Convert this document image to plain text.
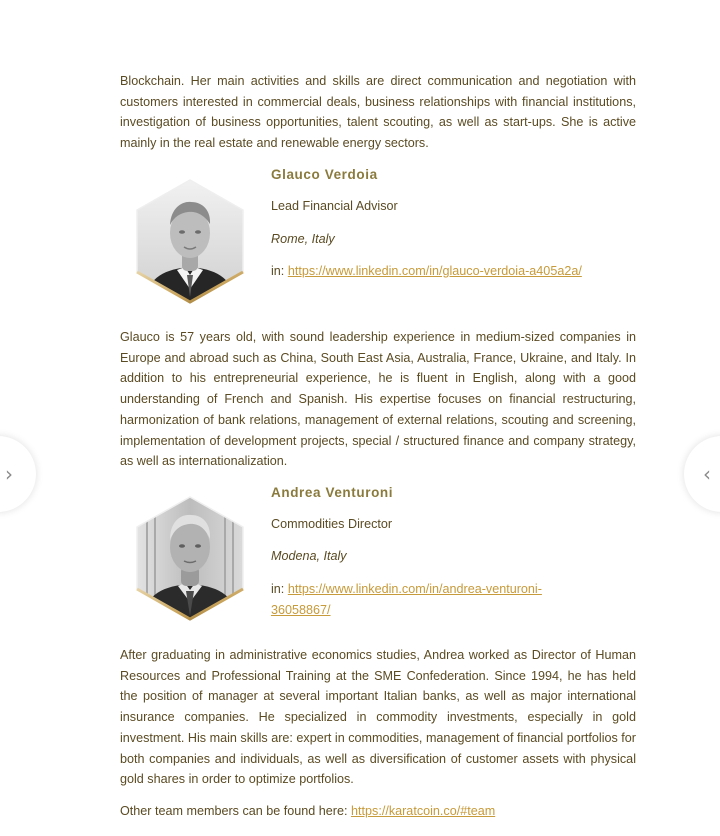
Blockchain. Her main activities and skills are direct communication and negotiation with customers interested in commercial deals, business relationships with financial institutions, investigation of business opportunities, talent scouting, as well as start-ups. She is active mainly in the real estate and renewable energy sectors.

Glauco Verdoia

Lead Financial Advisor

Rome, Italy

in: https://www.linkedin.com/in/glauco-verdoia-a405a2a/

Glauco is 57 years old, with sound leadership experience in medium-sized companies in Europe and abroad such as China, South East Asia, Australia, France, Ukraine, and Italy. In addition to his entrepreneurial experience, he is fluent in English, along with a good understanding of French and Spanish. His expertise focuses on financial restructuring, harmonization of bank relations, management of external relations, scouting and screening, implementation of development projects, special / structured finance and company strategy, as well as internationalization.

Andrea Venturoni

Commodities Director

Modena, Italy

in: https://www.linkedin.com/in/andrea-venturoni-

36058867/

After graduating in administrative economics studies, Andrea worked as Director of Human Resources and Professional Training at the SME Confederation. Since 1994, he has held the position of manager at several important Italian banks, as well as major international insurance companies. He specialized in commodity investments, especially in gold investment. His main skills are: expert in commodities, management of financial portfolios for both companies and individuals, as well as diversification of customer assets with physical gold shares in order to optimize portfolios.

Other team members can be found here: https://karatcoin.co/#team

›	‹
